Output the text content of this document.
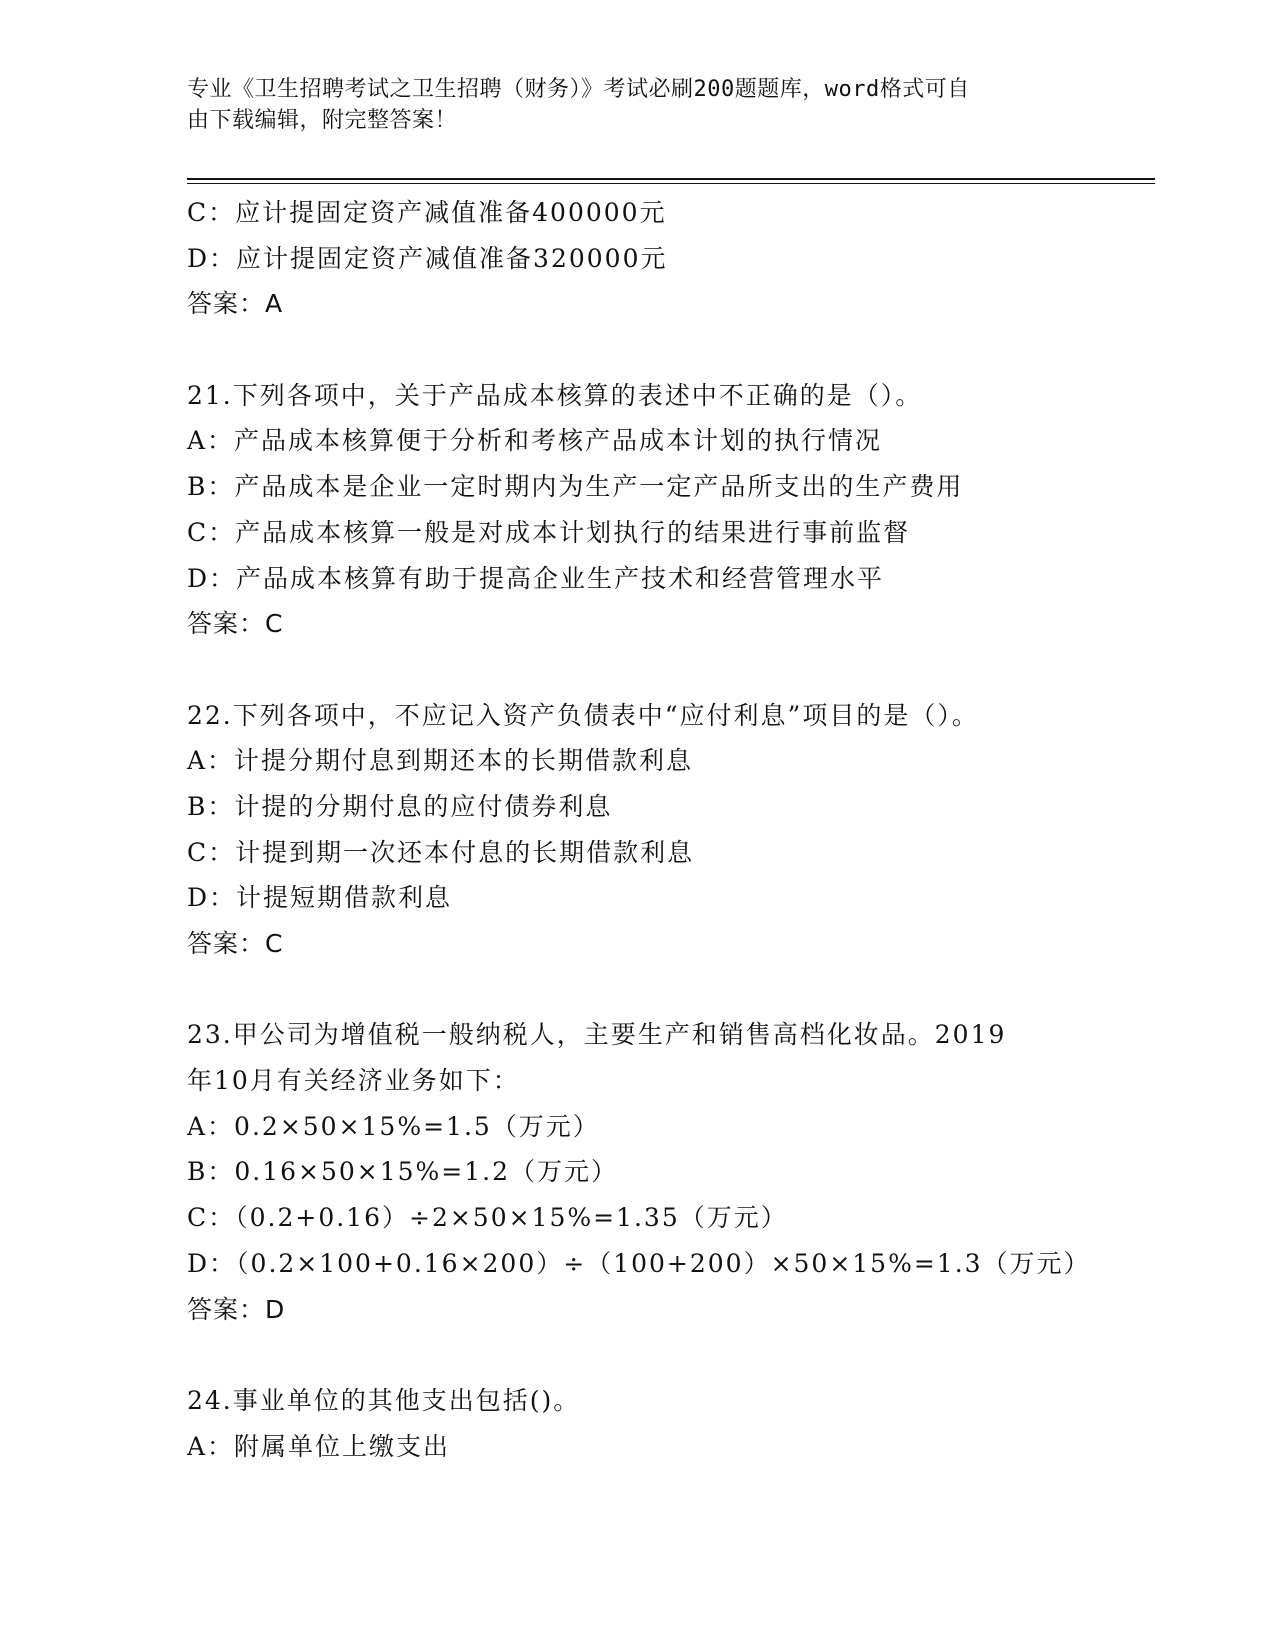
专业《卫生招聘考试之卫生招聘（财务）》考试必刷200题题库，word格式可自
由下载编辑，附完整答案！
C：应计提固定资产减值准备400000元
D：应计提固定资产减值准备320000元
答案：A
21.下列各项中，关于产品成本核算的表述中不正确的是（）。
A：产品成本核算便于分析和考核产品成本计划的执行情况
B：产品成本是企业一定时期内为生产一定产品所支出的生产费用
C：产品成本核算一般是对成本计划执行的结果进行事前监督
D：产品成本核算有助于提高企业生产技术和经营管理水平
答案：C
22.下列各项中，不应记入资产负债表中“应付利息”项目的是（）。
A：计提分期付息到期还本的长期借款利息
B：计提的分期付息的应付债券利息
C：计提到期一次还本付息的长期借款利息
D：计提短期借款利息
答案：C
23.甲公司为增值税一般纳税人，主要生产和销售高档化妆品。2019
年10月有关经济业务如下：
A：0.2×50×15%=1.5（万元）
B：0.16×50×15%=1.2（万元）
C：（0.2+0.16）÷2×50×15%=1.35（万元）
D：（0.2×100+0.16×200）÷（100+200）×50×15%=1.3（万元）
答案：D
24.事业单位的其他支出包括()。
A：附属单位上缴支出
